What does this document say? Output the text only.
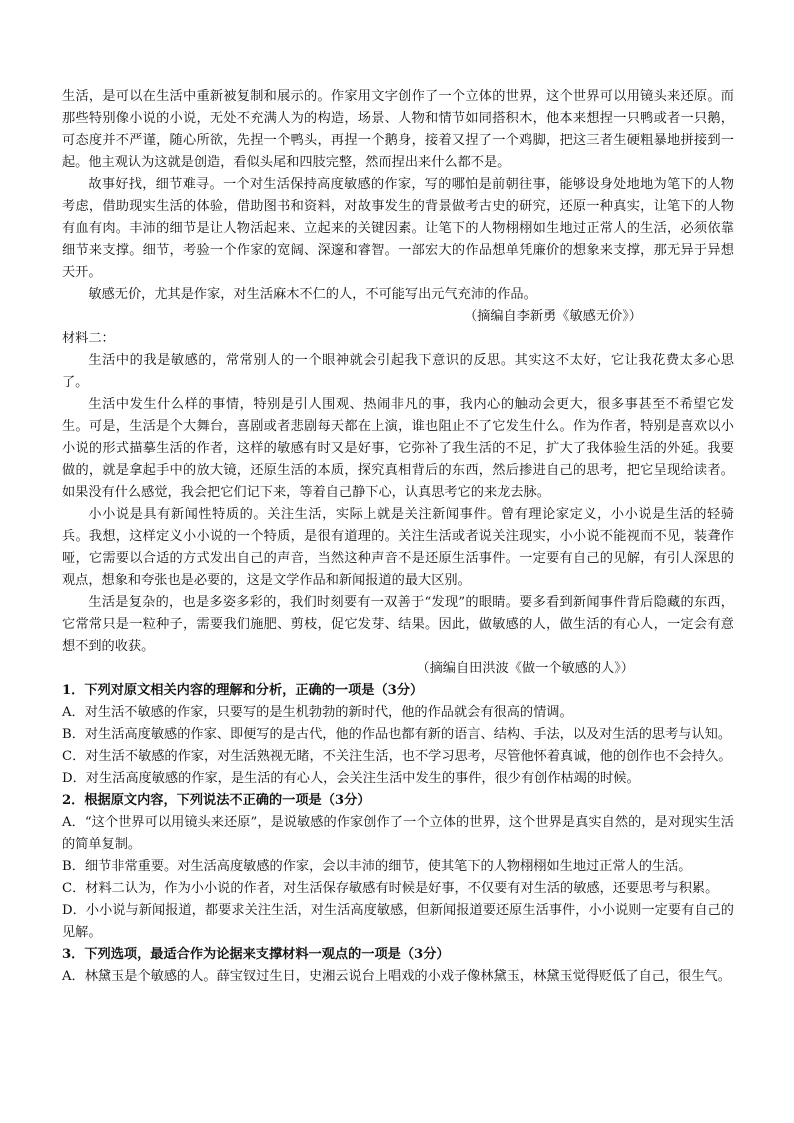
生活，是可以在生活中重新被复制和展示的。作家用文字创作了一个立体的世界，这个世界可以用镜头来还原。而那些特别像小说的小说，无处不充满人为的构造，场景、人物和情节如同搭积木，他本来想捏一只鸭或者一只鹅，可态度并不严谨，随心所欲，先捏一个鸭头，再捏一个鹅身，接着又捏了一个鸡脚，把这三者生硬粗暴地拼接到一起。他主观认为这就是创造，看似头尾和四肢完整，然而捏出来什么都不是。

故事好找，细节难寻。一个对生活保持高度敏感的作家，写的哪怕是前朝往事，能够设身处地地为笔下的人物考虑，借助现实生活的体验，借助图书和资料，对故事发生的背景做考古史的研究，还原一种真实，让笔下的人物有血有肉。丰沛的细节是让人物活起来、立起来的关键因素。让笔下的人物栩栩如生地过正常人的生活，必须依靠细节来支撑。细节，考验一个作家的宽阔、深邃和睿智。一部宏大的作品想单凭廉价的想象来支撑，那无异于异想天开。

敏感无价，尤其是作家，对生活麻木不仁的人，不可能写出元气充沛的作品。

（摘编自李新勇《敏感无价》）

材料二：

生活中的我是敏感的，常常别人的一个眼神就会引起我下意识的反思。其实这不太好，它让我花费太多心思了。

生活中发生什么样的事情，特别是引人围观、热闹非凡的事，我内心的触动会更大，很多事甚至不希望它发生。可是，生活是个大舞台，喜剧或者悲剧每天都在上演，谁也阻止不了它发生什么。作为作者，特别是喜欢以小小说的形式描摹生活的作者，这样的敏感有时又是好事，它弥补了我生活的不足，扩大了我体验生活的外延。我要做的，就是拿起手中的放大镜，还原生活的本质，探究真相背后的东西，然后掺进自己的思考，把它呈现给读者。如果没有什么感觉，我会把它们记下来，等着自己静下心，认真思考它的来龙去脉。

小小说是具有新闻性特质的。关注生活，实际上就是关注新闻事件。曾有理论家定义，小小说是生活的轻骑兵。我想，这样定义小小说的一个特质，是很有道理的。关注生活或者说关注现实，小小说不能视而不见，装聋作哑，它需要以合适的方式发出自己的声音，当然这种声音不是还原生活事件。一定要有自己的见解，有引人深思的观点，想象和夸张也是必要的，这是文学作品和新闻报道的最大区别。

生活是复杂的，也是多姿多彩的，我们时刻要有一双善于“发现”的眼睛。要多看到新闻事件背后隐藏的东西，它常常只是一粒种子，需要我们施肥、剪枝，促它发芽、结果。因此，做敏感的人，做生活的有心人，一定会有意想不到的收获。

（摘编自田洪波《做一个敏感的人》）

1．下列对原文相关内容的理解和分析，正确的一项是（3分）

A．对生活不敏感的作家，只要写的是生机勃勃的新时代，他的作品就会有很高的情调。

B．对生活高度敏感的作家、即便写的是古代，他的作品也都有新的语言、结构、手法，以及对生活的思考与认知。

C．对生活不敏感的作家，对生活熟视无睹，不关注生活，也不学习思考，尽管他怀着真诚，他的创作也不会持久。

D．对生活高度敏感的作家，是生活的有心人，会关注生活中发生的事件，很少有创作枯竭的时候。

2．根据原文内容，下列说法不正确的一项是（3分）

A．“这个世界可以用镜头来还原”，是说敏感的作家创作了一个立体的世界，这个世界是真实自然的，是对现实生活的简单复制。

B．细节非常重要。对生活高度敏感的作家，会以丰沛的细节，使其笔下的人物栩栩如生地过正常人的生活。

C．材料二认为，作为小小说的作者，对生活保存敏感有时候是好事，不仅要有对生活的敏感，还要思考与积累。

D．小小说与新闻报道，都要求关注生活，对生活高度敏感，但新闻报道要还原生活事件，小小说则一定要有自己的见解。

3．下列选项，最适合作为论据来支撑材料一观点的一项是（3分）

A．林黛玉是个敏感的人。薛宝钗过生日，史湘云说台上唱戏的小戏子像林黛玉，林黛玉觉得贬低了自己，很生气。
